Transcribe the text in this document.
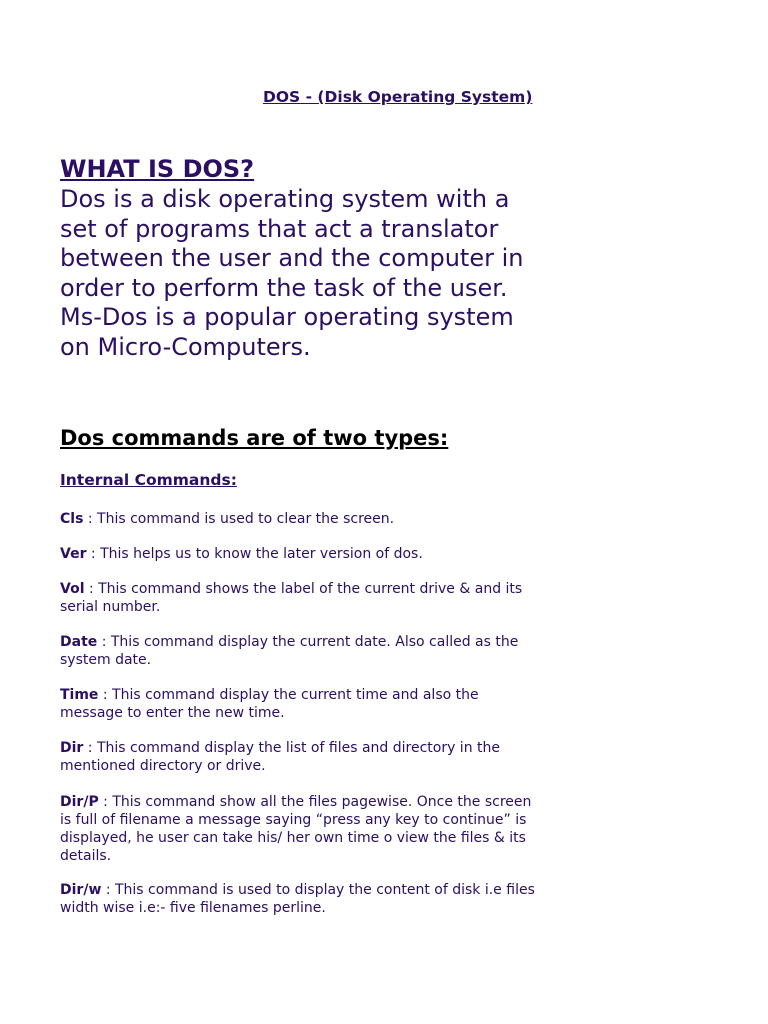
DOS - (Disk Operating System)
WHAT IS DOS?

Dos is a disk operating system with a set of programs that act a translator between the user and the computer in order to perform the task of the user. Ms-Dos is a popular operating system on Micro-Computers.

Dos commands are of two types:
Internal Commands:

Cls : This command is used to clear the screen.

Ver : This helps us to know the later version of dos.

Vol : This command shows the label of the current drive & and its serial number.

Date : This command display the current date. Also called as the system date.

Time : This command display the current time and also the message to enter the new time.

Dir : This command display the list of files and directory in the mentioned directory or drive.

Dir/P : This command show all the files pagewise. Once the screen is full of filename a message saying “press any key to continue” is displayed, he user can take his/ her own time o view the files & its details.

Dir/w : This command is used to display the content of disk i.e files width wise i.e:- five filenames perline.
